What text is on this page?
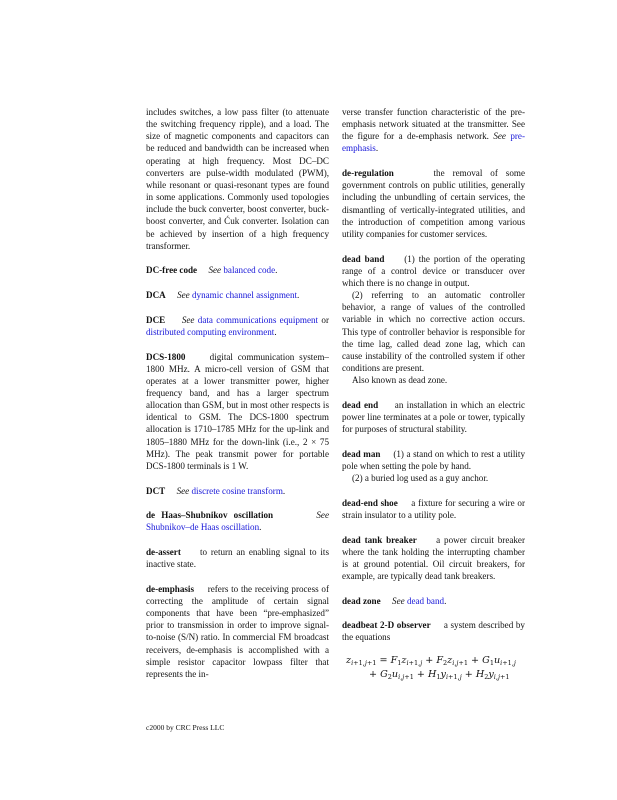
includes switches, a low pass filter (to attenuate the switching frequency ripple), and a load. The size of magnetic components and capacitors can be reduced and bandwidth can be increased when operating at high frequency. Most DC–DC converters are pulse-width modulated (PWM), while resonant or quasi-resonant types are found in some applications. Commonly used topologies include the buck converter, boost converter, buck-boost converter, and Ćuk converter. Isolation can be achieved by insertion of a high frequency transformer.

DC-free code See balanced code.

DCA See dynamic channel assignment.

DCE See data communications equipment or distributed computing environment.

DCS-1800	digital communication system–1800 MHz. A micro-cell version of GSM that operates at a lower transmitter power, higher frequency band, and has a larger spectrum allocation than GSM, but in most other respects is identical to GSM. The DCS-1800 spectrum allocation is 1710–1785 MHz for the up-link and 1805–1880 MHz for the down-link (i.e., 2 × 75 MHz). The peak transmit power for portable DCS-1800 terminals is 1 W.

DCT See discrete cosine transform.

de Haas–Shubnikov oscillation	See Shubnikov–de Haas oscillation.

de-assert to return an enabling signal to its inactive state.

de-emphasis refers to the receiving process of correcting the amplitude of certain signal components that have been “pre-emphasized” prior to transmission in order to improve signal-to-noise (S/N) ratio. In commercial FM broadcast receivers, de-emphasis is accomplished with a simple resistor capacitor lowpass filter that represents the in-

verse transfer function characteristic of the pre-emphasis network situated at the transmitter. See the figure for a de-emphasis network. See pre-emphasis.

de-regulation	the removal of some government controls on public utilities, generally including the unbundling of certain services, the dismantling of vertically-integrated utilities, and the introduction of competition among various utility companies for customer services.

dead band (1) the portion of the operating range of a control device or transducer over which there is no change in output.

(2) referring to an automatic controller behavior, a range of values of the controlled variable in which no corrective action occurs. This type of controller behavior is responsible for the time lag, called dead zone lag, which can cause instability of the controlled system if other conditions are present.

Also known as dead zone.

dead end an installation in which an electric power line terminates at a pole or tower, typically for purposes of structural stability.

dead man (1) a stand on which to rest a utility pole when setting the pole by hand.

(2) a buried log used as a guy anchor.

dead-end shoe a fixture for securing a wire or strain insulator to a utility pole.

dead tank breaker a power circuit breaker where the tank holding the interrupting chamber is at ground potential. Oil circuit breakers, for example, are typically dead tank breakers.

dead zone See dead band.

deadbeat 2-D observer a system described by the equations

$z_{i+1,j+1} = F_1z_{i+1,j} + F_2z_{i,j+1} + G_1u_{i+1,j}$
+ $G_2u_{i,j+1} + H_1y_{i+1,j} + H_2y_{i,j+1}$
c2000 by CRC Press LLC
